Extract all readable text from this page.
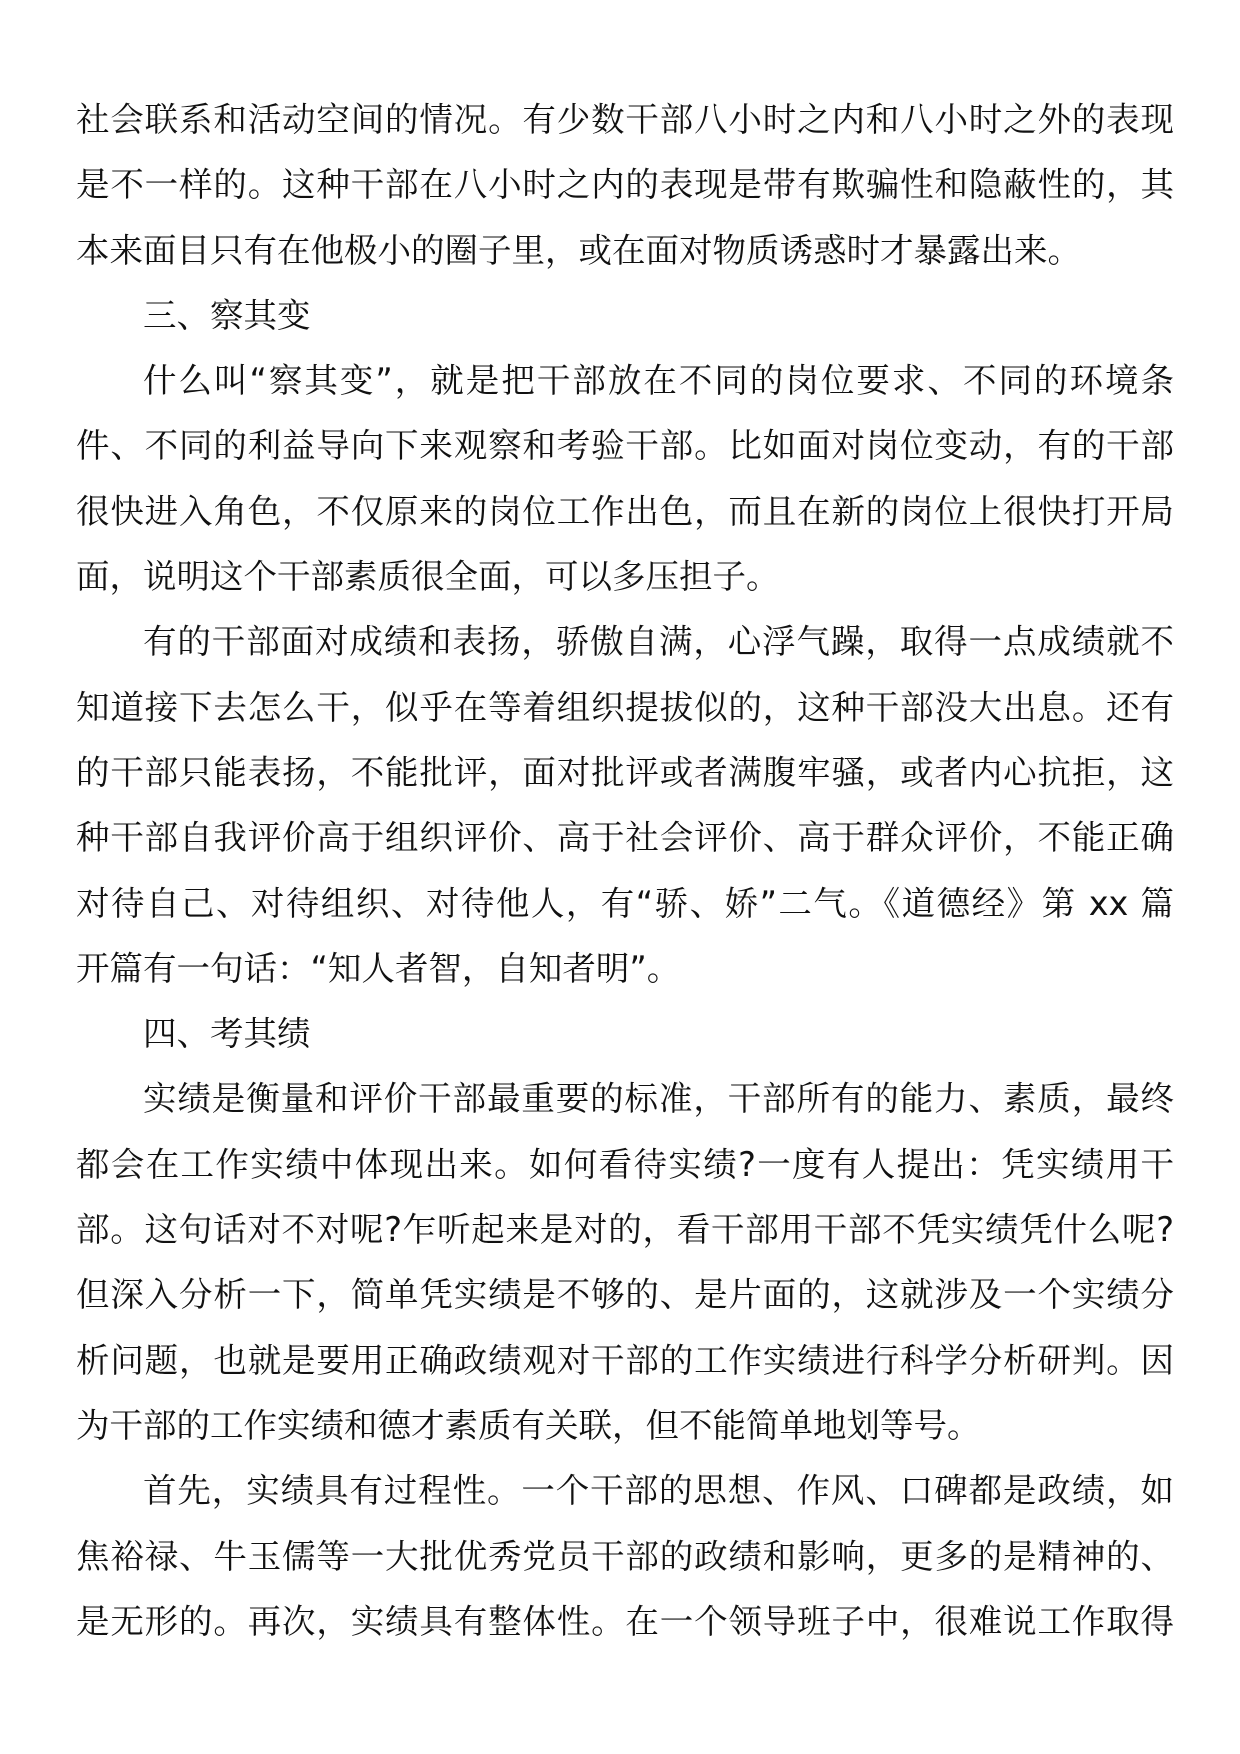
社会联系和活动空间的情况。有少数干部八小时之内和八小时之外的表现
是不一样的。这种干部在八小时之内的表现是带有欺骗性和隐蔽性的，其
本来面目只有在他极小的圈子里，或在面对物质诱惑时才暴露出来。
三、察其变
什么叫“察其变”，就是把干部放在不同的岗位要求、不同的环境条
件、不同的利益导向下来观察和考验干部。比如面对岗位变动，有的干部
很快进入角色，不仅原来的岗位工作出色，而且在新的岗位上很快打开局
面，说明这个干部素质很全面，可以多压担子。
有的干部面对成绩和表扬，骄傲自满，心浮气躁，取得一点成绩就不
知道接下去怎么干，似乎在等着组织提拔似的，这种干部没大出息。还有
的干部只能表扬，不能批评，面对批评或者满腹牢骚，或者内心抗拒，这
种干部自我评价高于组织评价、高于社会评价、高于群众评价，不能正确
对待自己、对待组织、对待他人，有“骄、娇”二气。《道德经》第 xx 篇
开篇有一句话：“知人者智，自知者明”。
四、考其绩
实绩是衡量和评价干部最重要的标准，干部所有的能力、素质，最终
都会在工作实绩中体现出来。如何看待实绩?一度有人提出：凭实绩用干
部。这句话对不对呢?乍听起来是对的，看干部用干部不凭实绩凭什么呢?
但深入分析一下，简单凭实绩是不够的、是片面的，这就涉及一个实绩分
析问题，也就是要用正确政绩观对干部的工作实绩进行科学分析研判。因
为干部的工作实绩和德才素质有关联，但不能简单地划等号。
首先，实绩具有过程性。一个干部的思想、作风、口碑都是政绩，如
焦裕禄、牛玉儒等一大批优秀党员干部的政绩和影响，更多的是精神的、
是无形的。再次，实绩具有整体性。在一个领导班子中，很难说工作取得
